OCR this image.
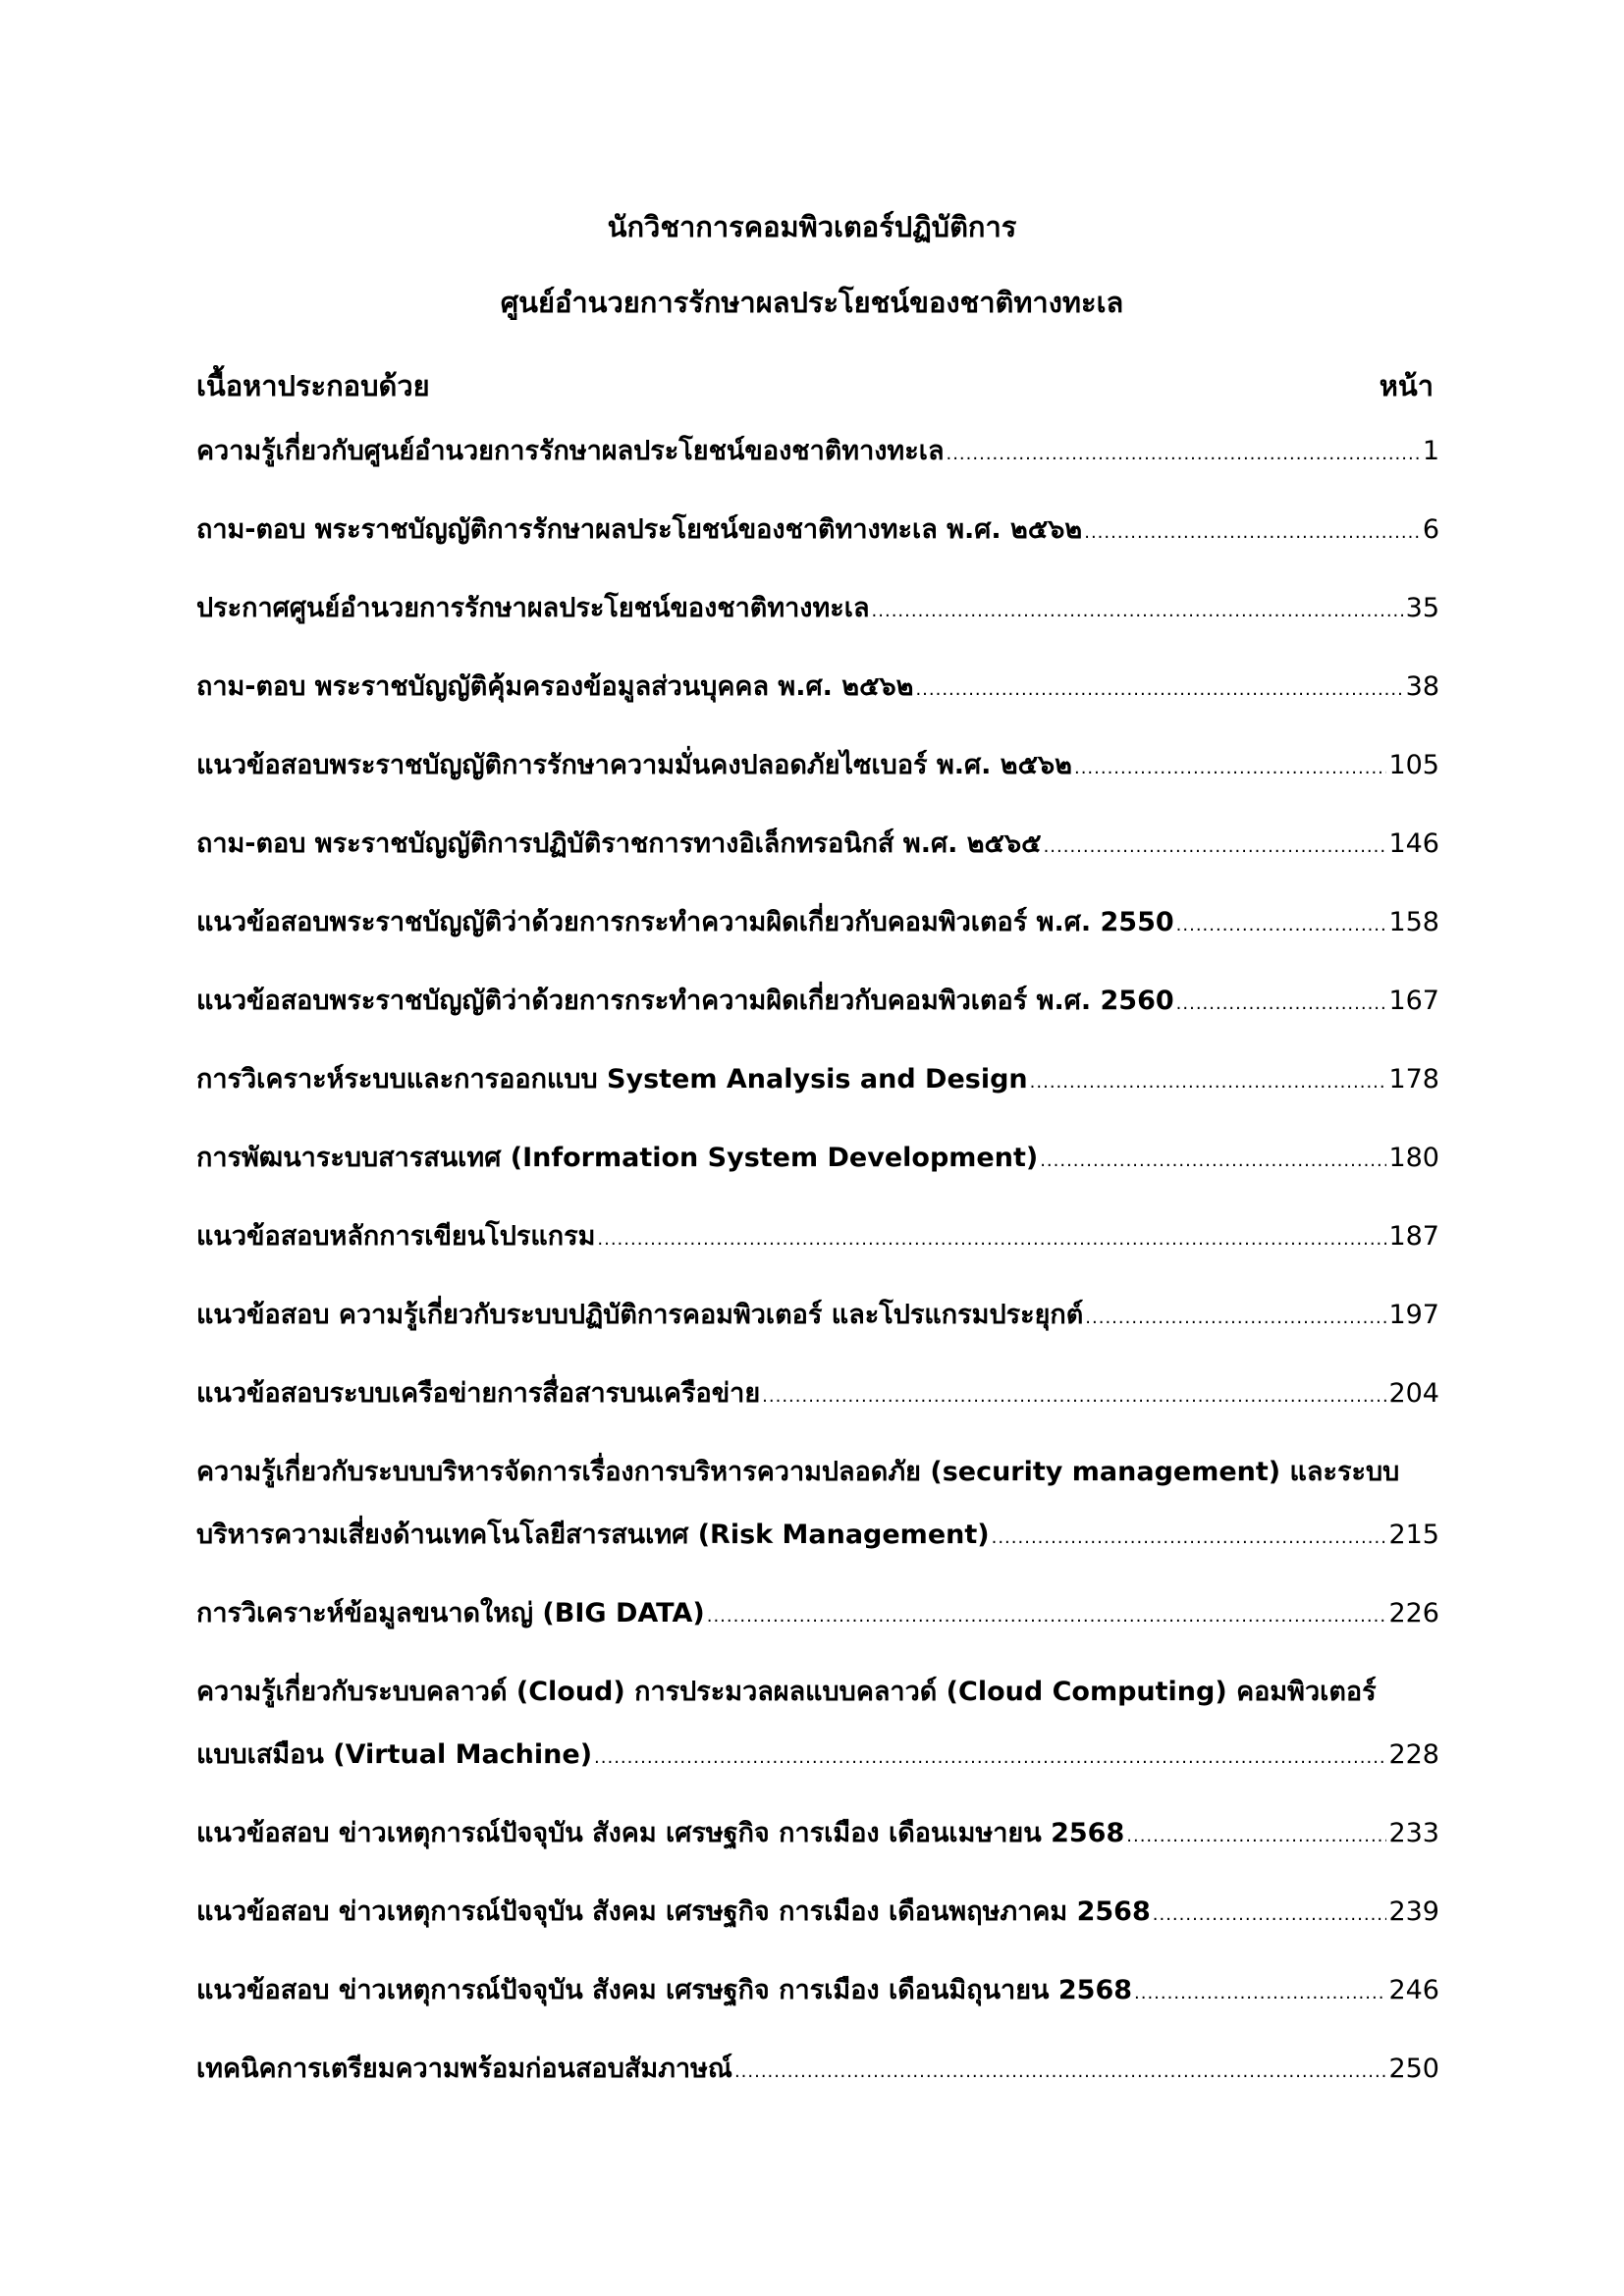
นักวิชาการคอมพิวเตอร์ปฏิบัติการ
ศูนย์อำนวยการรักษาผลประโยชน์ของชาติทางทะเล
เนื้อหาประกอบด้วย	หน้า
ความรู้เกี่ยวกับศูนย์อำนวยการรักษาผลประโยชน์ของชาติทางทะเล .....	1
ถาม-ตอบ พระราชบัญญัติการรักษาผลประโยชน์ของชาติทางทะเล พ.ศ. ๒๕๖๒ .....	6
ประกาศศูนย์อำนวยการรักษาผลประโยชน์ของชาติทางทะเล .....	35
ถาม-ตอบ พระราชบัญญัติคุ้มครองข้อมูลส่วนบุคคล พ.ศ. ๒๕๖๒ .....	38
แนวข้อสอบพระราชบัญญัติการรักษาความมั่นคงปลอดภัยไซเบอร์ พ.ศ. ๒๕๖๒ .....	105
ถาม-ตอบ พระราชบัญญัติการปฏิบัติราชการทางอิเล็กทรอนิกส์ พ.ศ. ๒๕๖๕ .....	146
แนวข้อสอบพระราชบัญญัติว่าด้วยการกระทำความผิดเกี่ยวกับคอมพิวเตอร์ พ.ศ. 2550 .....	158
แนวข้อสอบพระราชบัญญัติว่าด้วยการกระทำความผิดเกี่ยวกับคอมพิวเตอร์ พ.ศ. 2560 .....	167
การวิเคราะห์ระบบและการออกแบบ System Analysis and Design .....	178
การพัฒนาระบบสารสนเทศ (Information System Development) .....	180
แนวข้อสอบหลักการเขียนโปรแกรม .....	187
แนวข้อสอบ ความรู้เกี่ยวกับระบบปฏิบัติการคอมพิวเตอร์ และโปรแกรมประยุกต์ .....	197
แนวข้อสอบระบบเครือข่ายการสื่อสารบนเครือข่าย .....	204
ความรู้เกี่ยวกับระบบบริหารจัดการเรื่องการบริหารความปลอดภัย (security management) และระบบ
บริหารความเสี่ยงด้านเทคโนโลยีสารสนเทศ (Risk Management) .....	215
การวิเคราะห์ข้อมูลขนาดใหญ่ (BIG DATA) .....	226
ความรู้เกี่ยวกับระบบคลาวด์ (Cloud) การประมวลผลแบบคลาวด์ (Cloud Computing) คอมพิวเตอร์
แบบเสมือน (Virtual Machine) .....	228
แนวข้อสอบ ข่าวเหตุการณ์ปัจจุบัน สังคม เศรษฐกิจ การเมือง เดือนเมษายน 2568 .....	233
แนวข้อสอบ ข่าวเหตุการณ์ปัจจุบัน สังคม เศรษฐกิจ การเมือง เดือนพฤษภาคม 2568 .....	239
แนวข้อสอบ ข่าวเหตุการณ์ปัจจุบัน สังคม เศรษฐกิจ การเมือง เดือนมิถุนายน 2568 .....	246
เทคนิคการเตรียมความพร้อมก่อนสอบสัมภาษณ์ .....	250
